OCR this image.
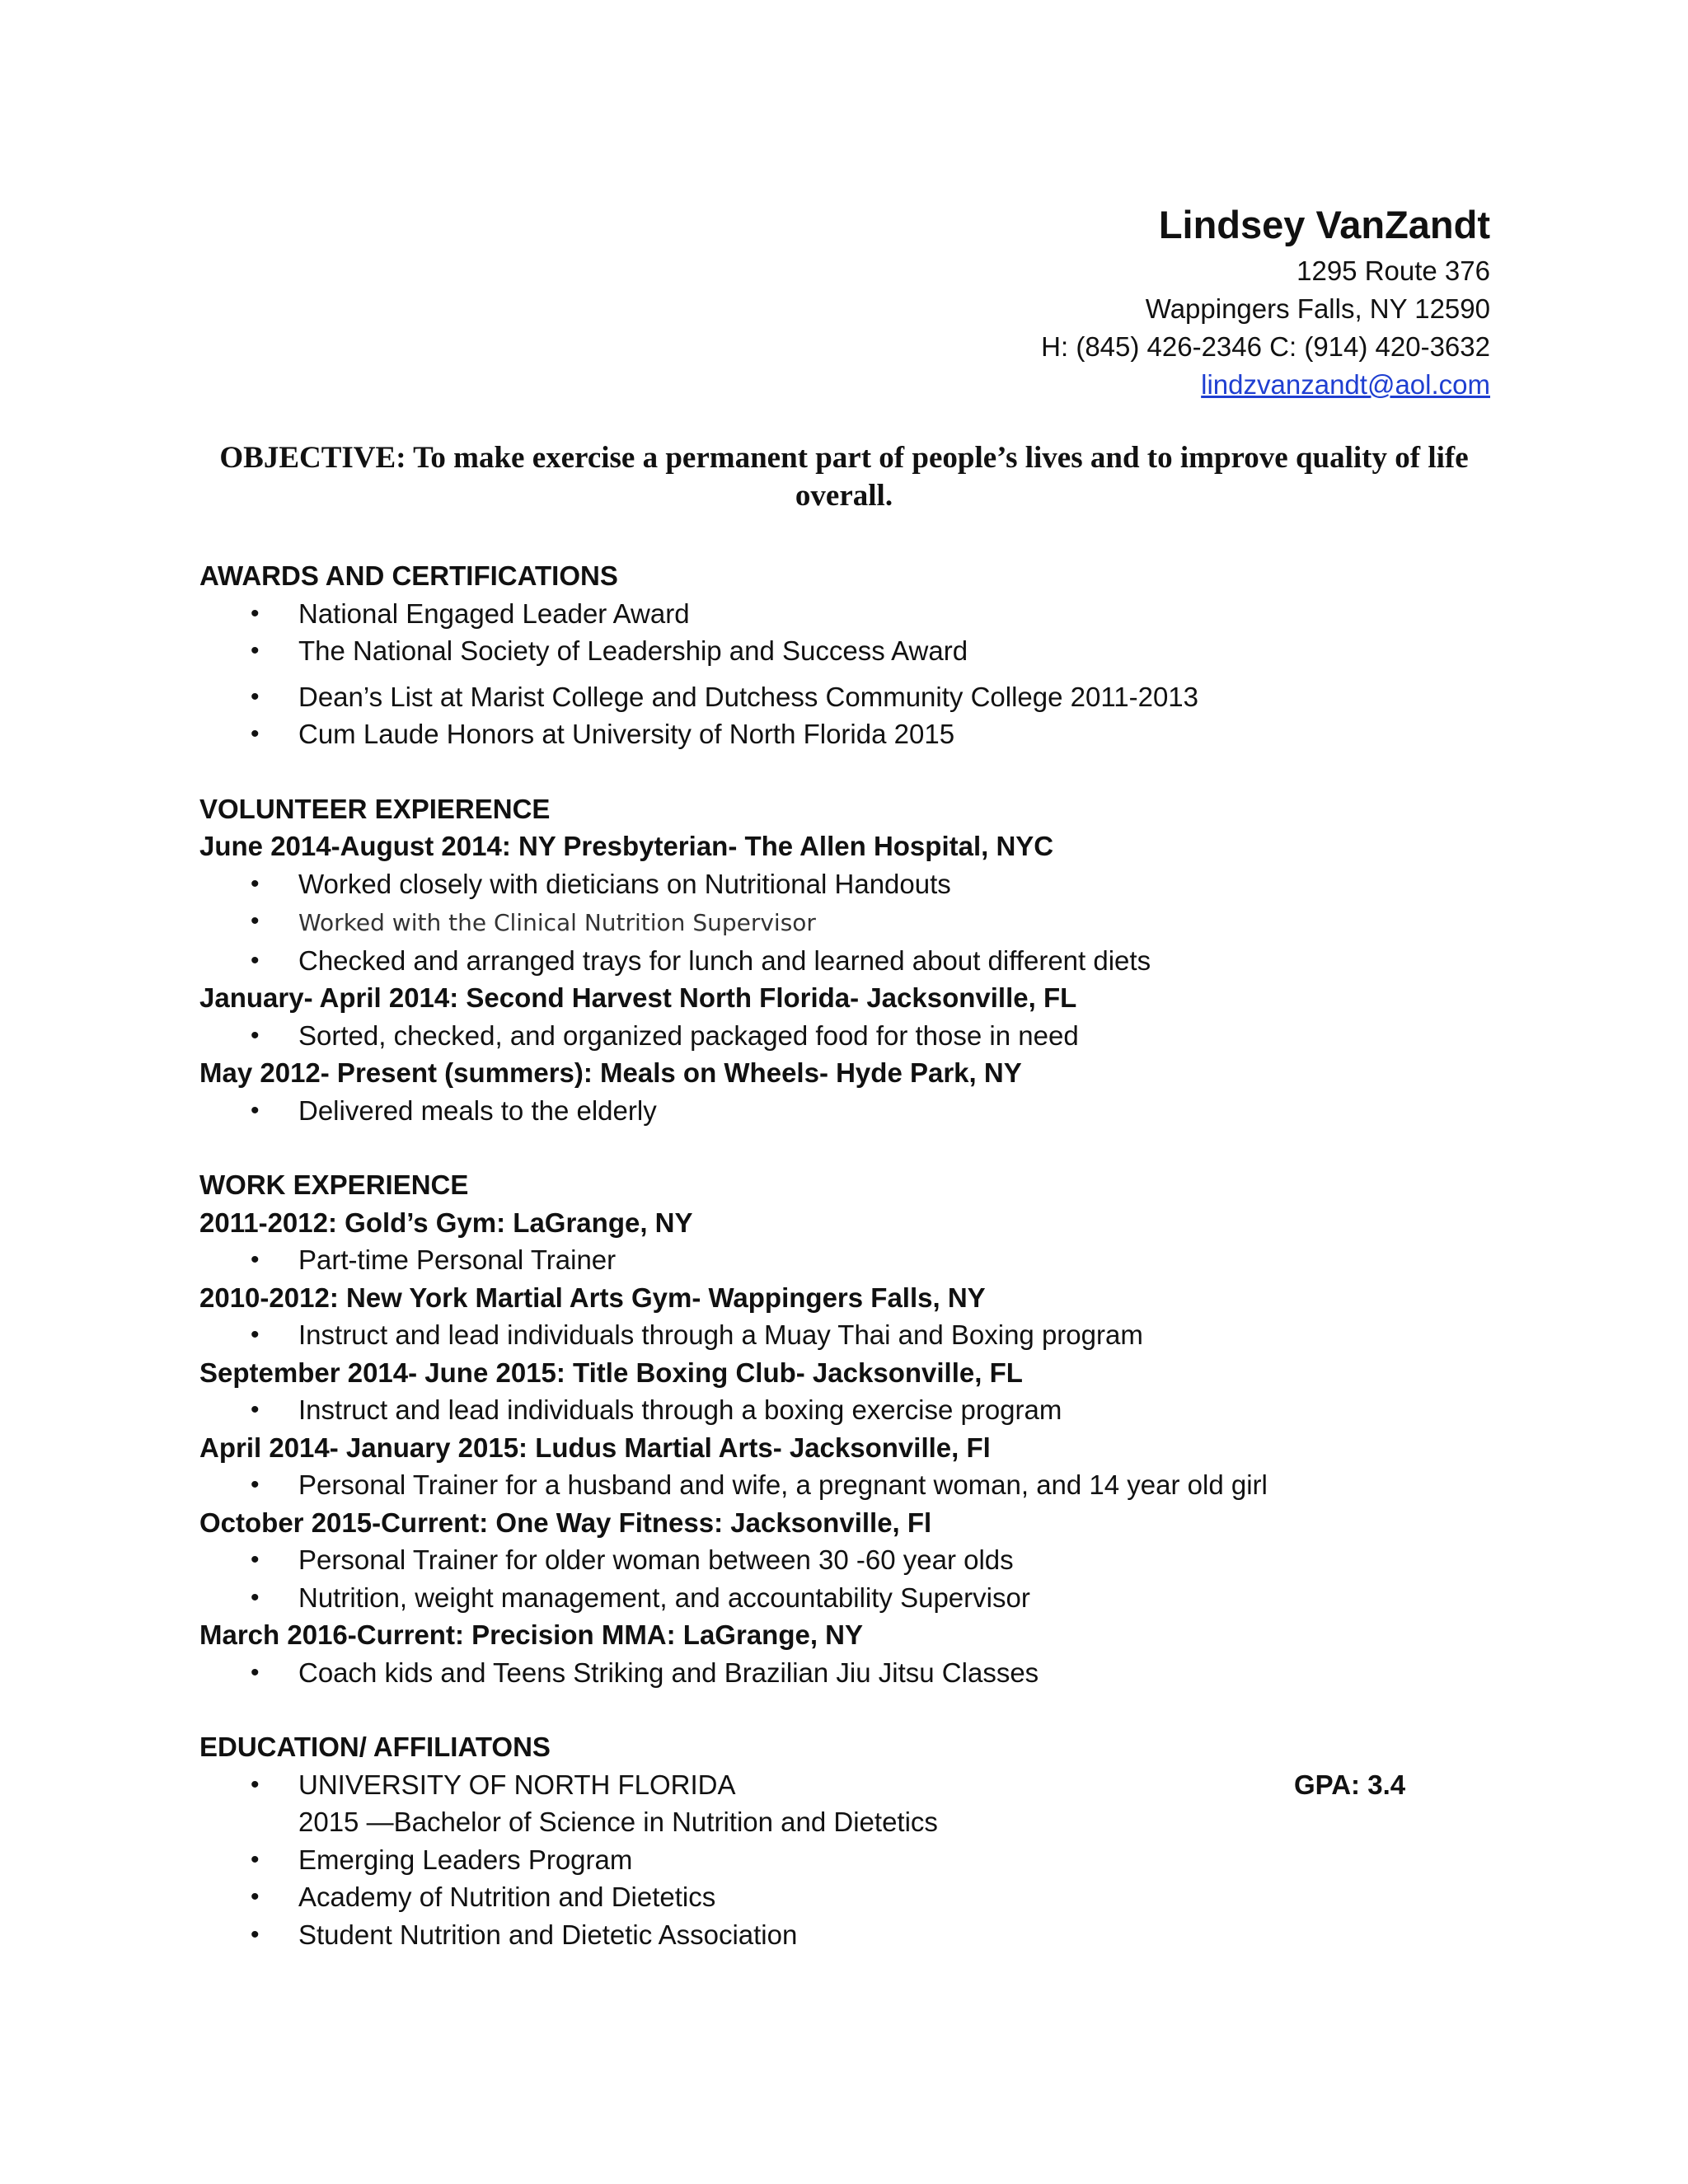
Lindsey VanZandt

1295 Route 376

Wappingers Falls, NY 12590

H: (845) 426-2346 C: (914) 420-3632

lindzvanzandt@aol.com

OBJECTIVE: To make exercise a permanent part of people’s lives and to improve quality of life overall.

AWARDS AND CERTIFICATIONS

• National Engaged Leader Award
• The National Society of Leadership and Success Award
• Dean’s List at Marist College and Dutchess Community College 2011-2013
• Cum Laude Honors at University of North Florida 2015

VOLUNTEER EXPIERENCE

June 2014-August 2014: NY Presbyterian- The Allen Hospital, NYC

• Worked closely with dieticians on Nutritional Handouts
• Worked with the Clinical Nutrition Supervisor
• Checked and arranged trays for lunch and learned about different diets

January- April 2014: Second Harvest North Florida- Jacksonville, FL

• Sorted, checked, and organized packaged food for those in need

May 2012- Present (summers): Meals on Wheels- Hyde Park, NY

• Delivered meals to the elderly

WORK EXPERIENCE

2011-2012: Gold’s Gym: LaGrange, NY

• Part-time Personal Trainer

2010-2012: New York Martial Arts Gym- Wappingers Falls, NY

• Instruct and lead individuals through a Muay Thai and Boxing program

September 2014- June 2015: Title Boxing Club- Jacksonville, FL

• Instruct and lead individuals through a boxing exercise program

April 2014- January 2015: Ludus Martial Arts- Jacksonville, Fl

• Personal Trainer for a husband and wife, a pregnant woman, and 14 year old girl

October 2015-Current: One Way Fitness: Jacksonville, Fl

• Personal Trainer for older woman between 30 -60 year olds
• Nutrition, weight management, and accountability Supervisor

March 2016-Current: Precision MMA: LaGrange, NY

• Coach kids and Teens Striking and Brazilian Jiu Jitsu Classes

EDUCATION/ AFFILIATONS

• UNIVERSITY OF NORTH FLORIDA	GPA: 3.4
2015 —Bachelor of Science in Nutrition and Dietetics
• Emerging Leaders Program
• Academy of Nutrition and Dietetics
• Student Nutrition and Dietetic Association
